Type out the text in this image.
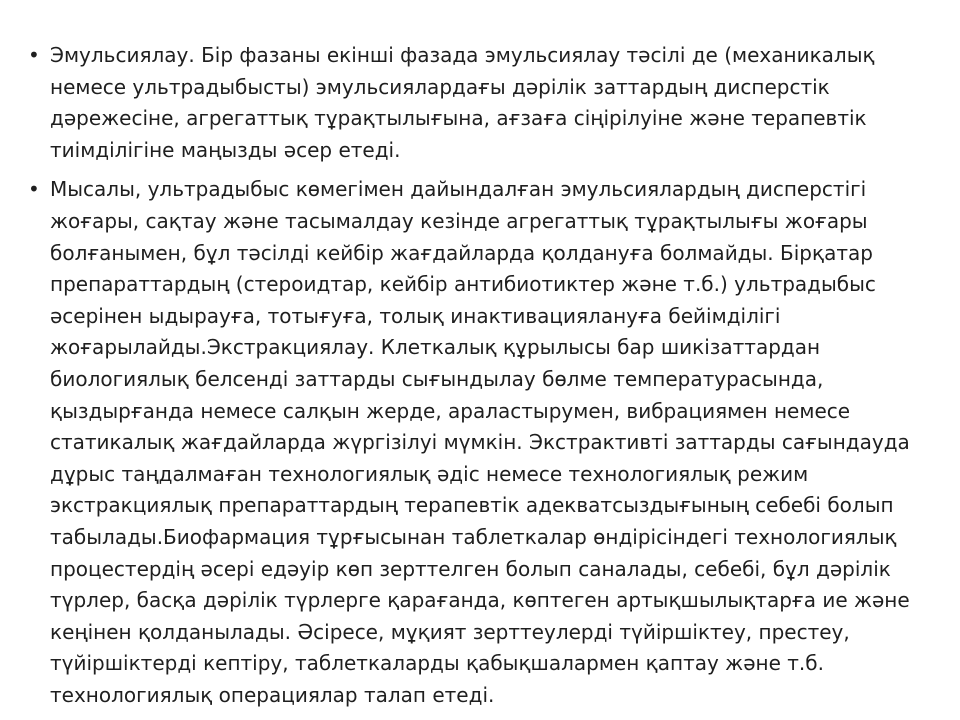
• Эмульсиялау. Бір фазаны екінші фазада эмульсиялау тәсілі де (механикалық
немесе ультрадыбысты) эмульсиялардағы дәрілік заттардың дисперстік
дәрежесіне, агрегаттық тұрақтылығына, ағзаға сіңірілуіне және терапевтік
тиімділігіне маңызды әсер етеді.
• Мысалы, ультрадыбыс көмегімен дайындалған эмульсиялардың дисперстігі
жоғары, сақтау және тасымалдау кезінде агрегаттық тұрақтылығы жоғары
болғанымен, бұл тәсілді кейбір жағдайларда қолдануға болмайды. Бірқатар
препараттардың (стероидтар, кейбір антибиотиктер және т.б.) ультрадыбыс
әсерінен ыдырауға, тотығуға, толық инактивациялануға бейімділігі
жоғарылайды.Экстракциялау. Клеткалық құрылысы бар шикізаттардан
биологиялық белсенді заттарды сығындылау бөлме температурасында,
қыздырғанда немесе салқын жерде, араластырумен, вибрациямен немесе
статикалық жағдайларда жүргізілуі мүмкін. Экстрактивті заттарды сағындауда
дұрыс таңдалмаған технологиялық әдіс немесе технологиялық режим
экстракциялық препараттардың терапевтік адекватсыздығының себебі болып
табылады.Биофармация тұрғысынан таблеткалар өндірісіндегі технологиялық
процестердің әсері едәуір көп зерттелген болып саналады, себебі, бұл дәрілік
түрлер, басқа дәрілік түрлерге қарағанда, көптеген артықшылықтарға ие және
кеңінен қолданылады. Әсіресе, мұқият зерттеулерді түйіршіктеу, престеу,
түйіршіктерді кептіру, таблеткаларды қабықшалармен қаптау және т.б.
технологиялық операциялар талап етеді.
